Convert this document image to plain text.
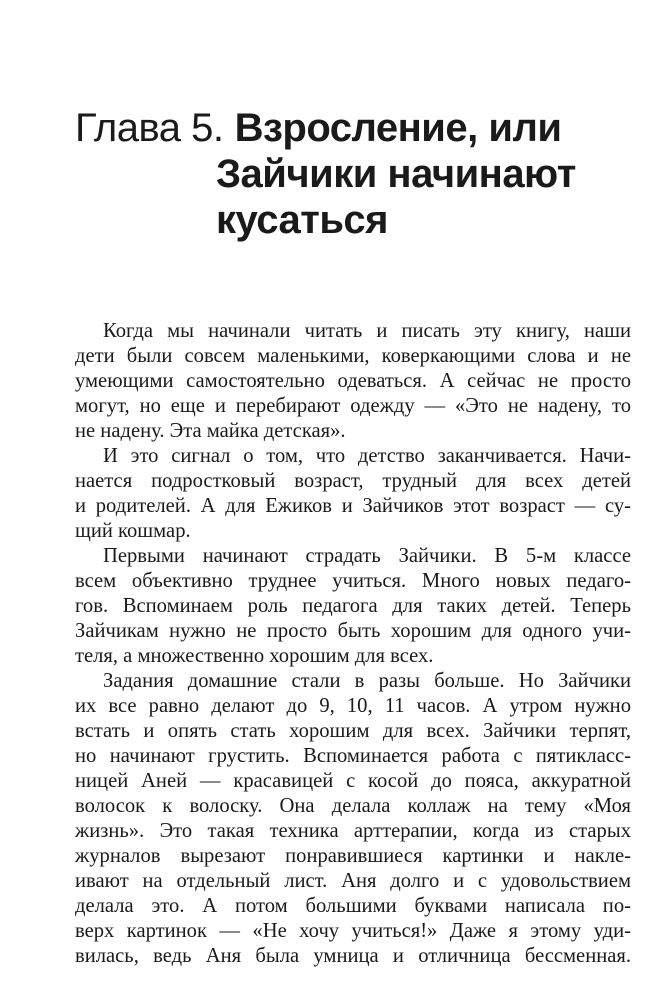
Глава 5. Взросление, или
Зайчики начинают
кусаться

Когда мы начинали читать и писать эту книгу, наши

дети были совсем маленькими, коверкающими слова и не

умеющими самостоятельно одеваться. А сейчас не просто

могут, но еще и перебирают одежду — «Это не надену, то

не надену. Эта майка детская».

И это сигнал о том, что детство заканчивается. Начи-

нается подростковый возраст, трудный для всех детей

и родителей. А для Ежиков и Зайчиков этот возраст — су-

щий кошмар.

Первыми начинают страдать Зайчики. В 5-м классе

всем объективно труднее учиться. Много новых педаго-

гов. Вспоминаем роль педагога для таких детей. Теперь

Зайчикам нужно не просто быть хорошим для одного учи-

теля, а множественно хорошим для всех.

Задания домашние стали в разы больше. Но Зайчики

их все равно делают до 9, 10, 11 часов. А утром нужно

встать и опять стать хорошим для всех. Зайчики терпят,

но начинают грустить. Вспоминается работа с пятикласс-

ницей Аней — красавицей с косой до пояса, аккуратной

волосок к волоску. Она делала коллаж на тему «Моя

жизнь». Это такая техника арттерапии, когда из старых

журналов вырезают понравившиеся картинки и накле-

ивают на отдельный лист. Аня долго и с удовольствием

делала это. А потом большими буквами написала по-

верх картинок — «Не хочу учиться!» Даже я этому уди-

вилась, ведь Аня была умница и отличница бессменная.
